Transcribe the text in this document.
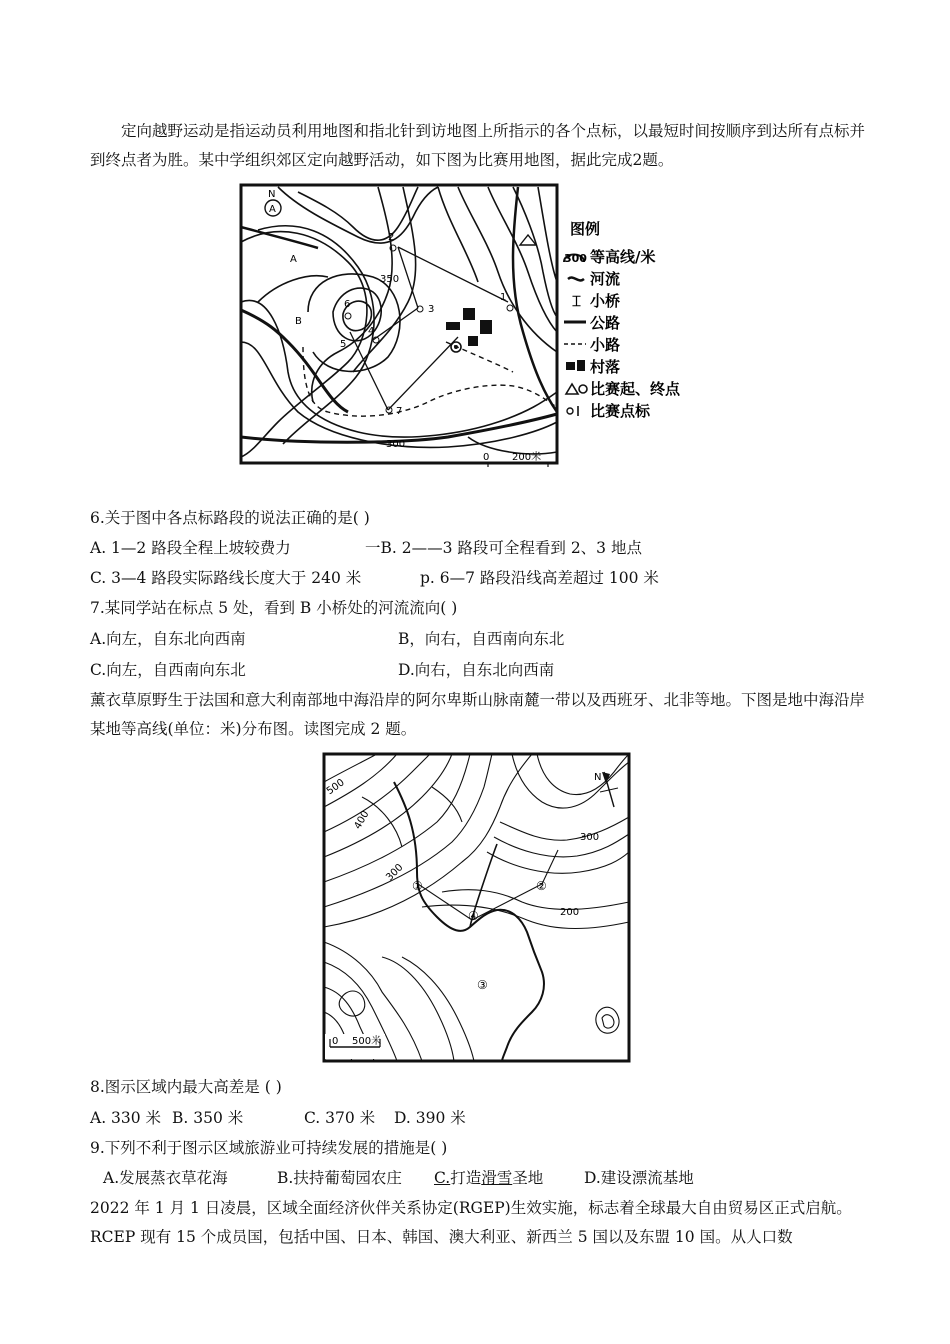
定向越野运动是指运动员利用地图和指北针到访地图上所指示的各个点标，以最短时间按顺序到达所有点标并到终点者为胜。某中学组织郊区定向越野活动，如下图为比赛用地图，据此完成2题。
N
A
A
B
350
300
1
2
3
4
5
6
7
0 200米
图例
300 等高线/米
河流
⌶ 小桥
公路
小路
村落
比赛起、终点
比赛点标
6.关于图中各点标路段的说法正确的是( )
A. 1—2 路段全程上坡较费力	一B. 2——3 路段可全程看到 2、3 地点
C. 3—4 路段实际路线长度大于 240 米	p. 6—7 路段沿线高差超过 100 米
7.某同学站在标点 5 处，看到 B 小桥处的河流流向( )
A.向左，自东北向西南	B，向右，自西南向东北
C.向左，自西南向东北	D.向右，自东北向西南
薰衣草原野生于法国和意大利南部地中海沿岸的阿尔卑斯山脉南麓一带以及西班牙、北非等地。下图是地中海沿岸某地等高线(单位：米)分布图。读图完成 2 题。
500
400
300
300
200
①	②
③
④
N
0 500米
8.图示区域内最大高差是 ( )
A. 330 米 B. 350 米	C. 370 米 D. 390 米
9.下列不利于图示区域旅游业可持续发展的措施是( )
A.发展蒸衣草花海	B.扶持葡萄园农庄	C.打造滑雪圣地	D.建设漂流基地
2022 年 1 月 1 日凌晨，区域全面经济伙伴关系协定(RGEP)生效实施，标志着全球最大自由贸易区正式启航。RCEP 现有 15 个成员国，包括中国、日本、韩国、澳大利亚、新西兰 5 国以及东盟 10 国。从人口数
